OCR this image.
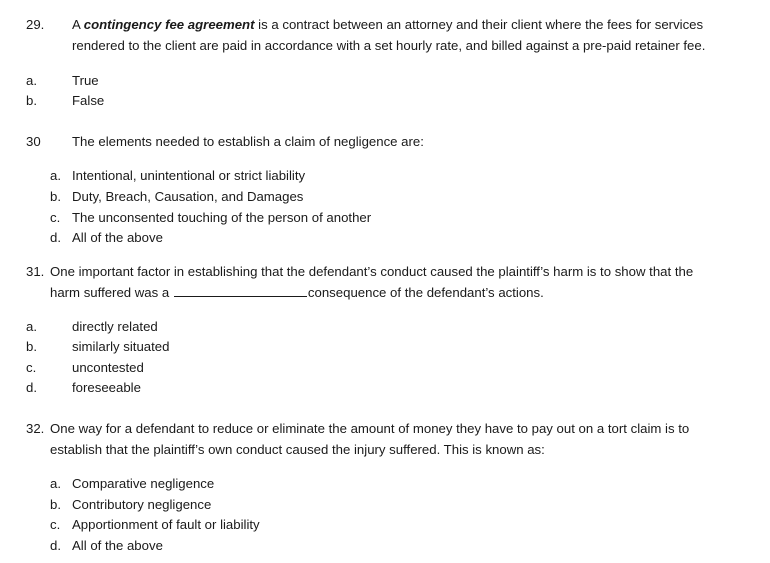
29. A contingency fee agreement is a contract between an attorney and their client where the fees for services
rendered to the client are paid in accordance with a set hourly rate, and billed against a pre-paid retainer fee.
a.	True
b.	False
30 The elements needed to establish a claim of negligence are:
a. Intentional, unintentional or strict liability
b. Duty, Breach, Causation, and Damages
c. The unconsented touching of the person of another
d. All of the above
31. One important factor in establishing that the defendant’s conduct caused the plaintiff’s harm is to show that the
harm suffered was a	consequence of the defendant’s actions.
a.	directly related
b.	similarly situated
c.	uncontested
d.	foreseeable
32. One way for a defendant to reduce or eliminate the amount of money they have to pay out on a tort claim is to
establish that the plaintiff’s own conduct caused the injury suffered. This is known as:
a. Comparative negligence
b. Contributory negligence
c. Apportionment of fault or liability
d. All of the above
